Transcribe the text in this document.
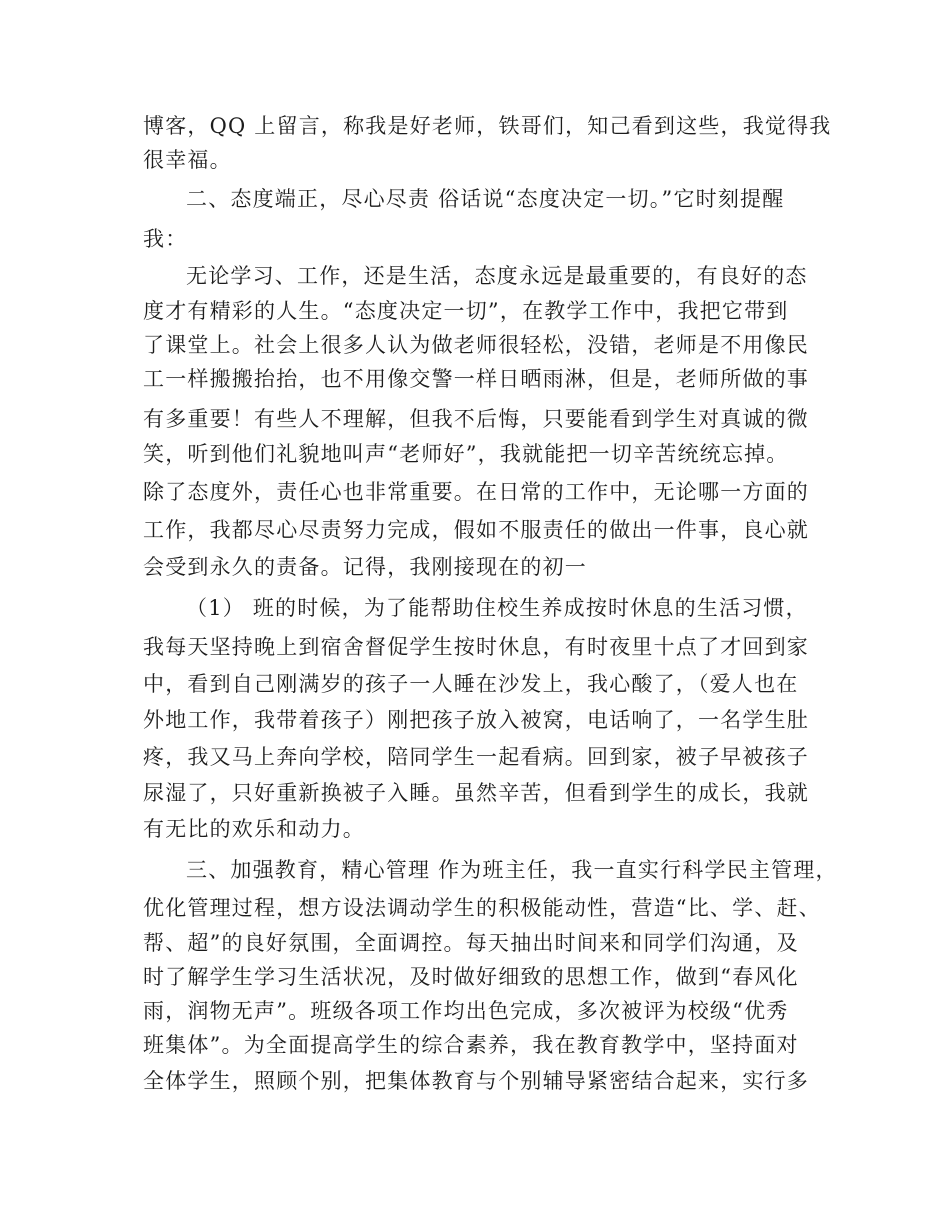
博客，QQ 上留言，称我是好老师，铁哥们，知己看到这些，我觉得我
很幸福。
二、态度端正，尽心尽责 俗话说“态度决定一切。”它时刻提醒
我：
无论学习、工作，还是生活，态度永远是最重要的，有良好的态
度才有精彩的人生。“态度决定一切”，在教学工作中，我把它带到
了课堂上。社会上很多人认为做老师很轻松，没错，老师是不用像民
工一样搬搬抬抬，也不用像交警一样日晒雨淋，但是，老师所做的事
有多重要！有些人不理解，但我不后悔，只要能看到学生对真诚的微
笑，听到他们礼貌地叫声“老师好”，我就能把一切辛苦统统忘掉。
除了态度外，责任心也非常重要。在日常的工作中，无论哪一方面的
工作，我都尽心尽责努力完成，假如不服责任的做出一件事，良心就
会受到永久的责备。记得，我刚接现在的初一
（1） 班的时候，为了能帮助住校生养成按时休息的生活习惯，
我每天坚持晚上到宿舍督促学生按时休息，有时夜里十点了才回到家
中，看到自己刚满岁的孩子一人睡在沙发上，我心酸了，（爱人也在
外地工作，我带着孩子）刚把孩子放入被窝，电话响了，一名学生肚
疼，我又马上奔向学校，陪同学生一起看病。回到家，被子早被孩子
尿湿了，只好重新换被子入睡。虽然辛苦，但看到学生的成长，我就
有无比的欢乐和动力。
三、加强教育，精心管理 作为班主任，我一直实行科学民主管理，
优化管理过程，想方设法调动学生的积极能动性，营造“比、学、赶、
帮、超”的良好氛围，全面调控。每天抽出时间来和同学们沟通，及
时了解学生学习生活状况，及时做好细致的思想工作，做到“春风化
雨，润物无声”。班级各项工作均出色完成，多次被评为校级“优秀
班集体”。为全面提高学生的综合素养，我在教育教学中，坚持面对
全体学生，照顾个别，把集体教育与个别辅导紧密结合起来，实行多
